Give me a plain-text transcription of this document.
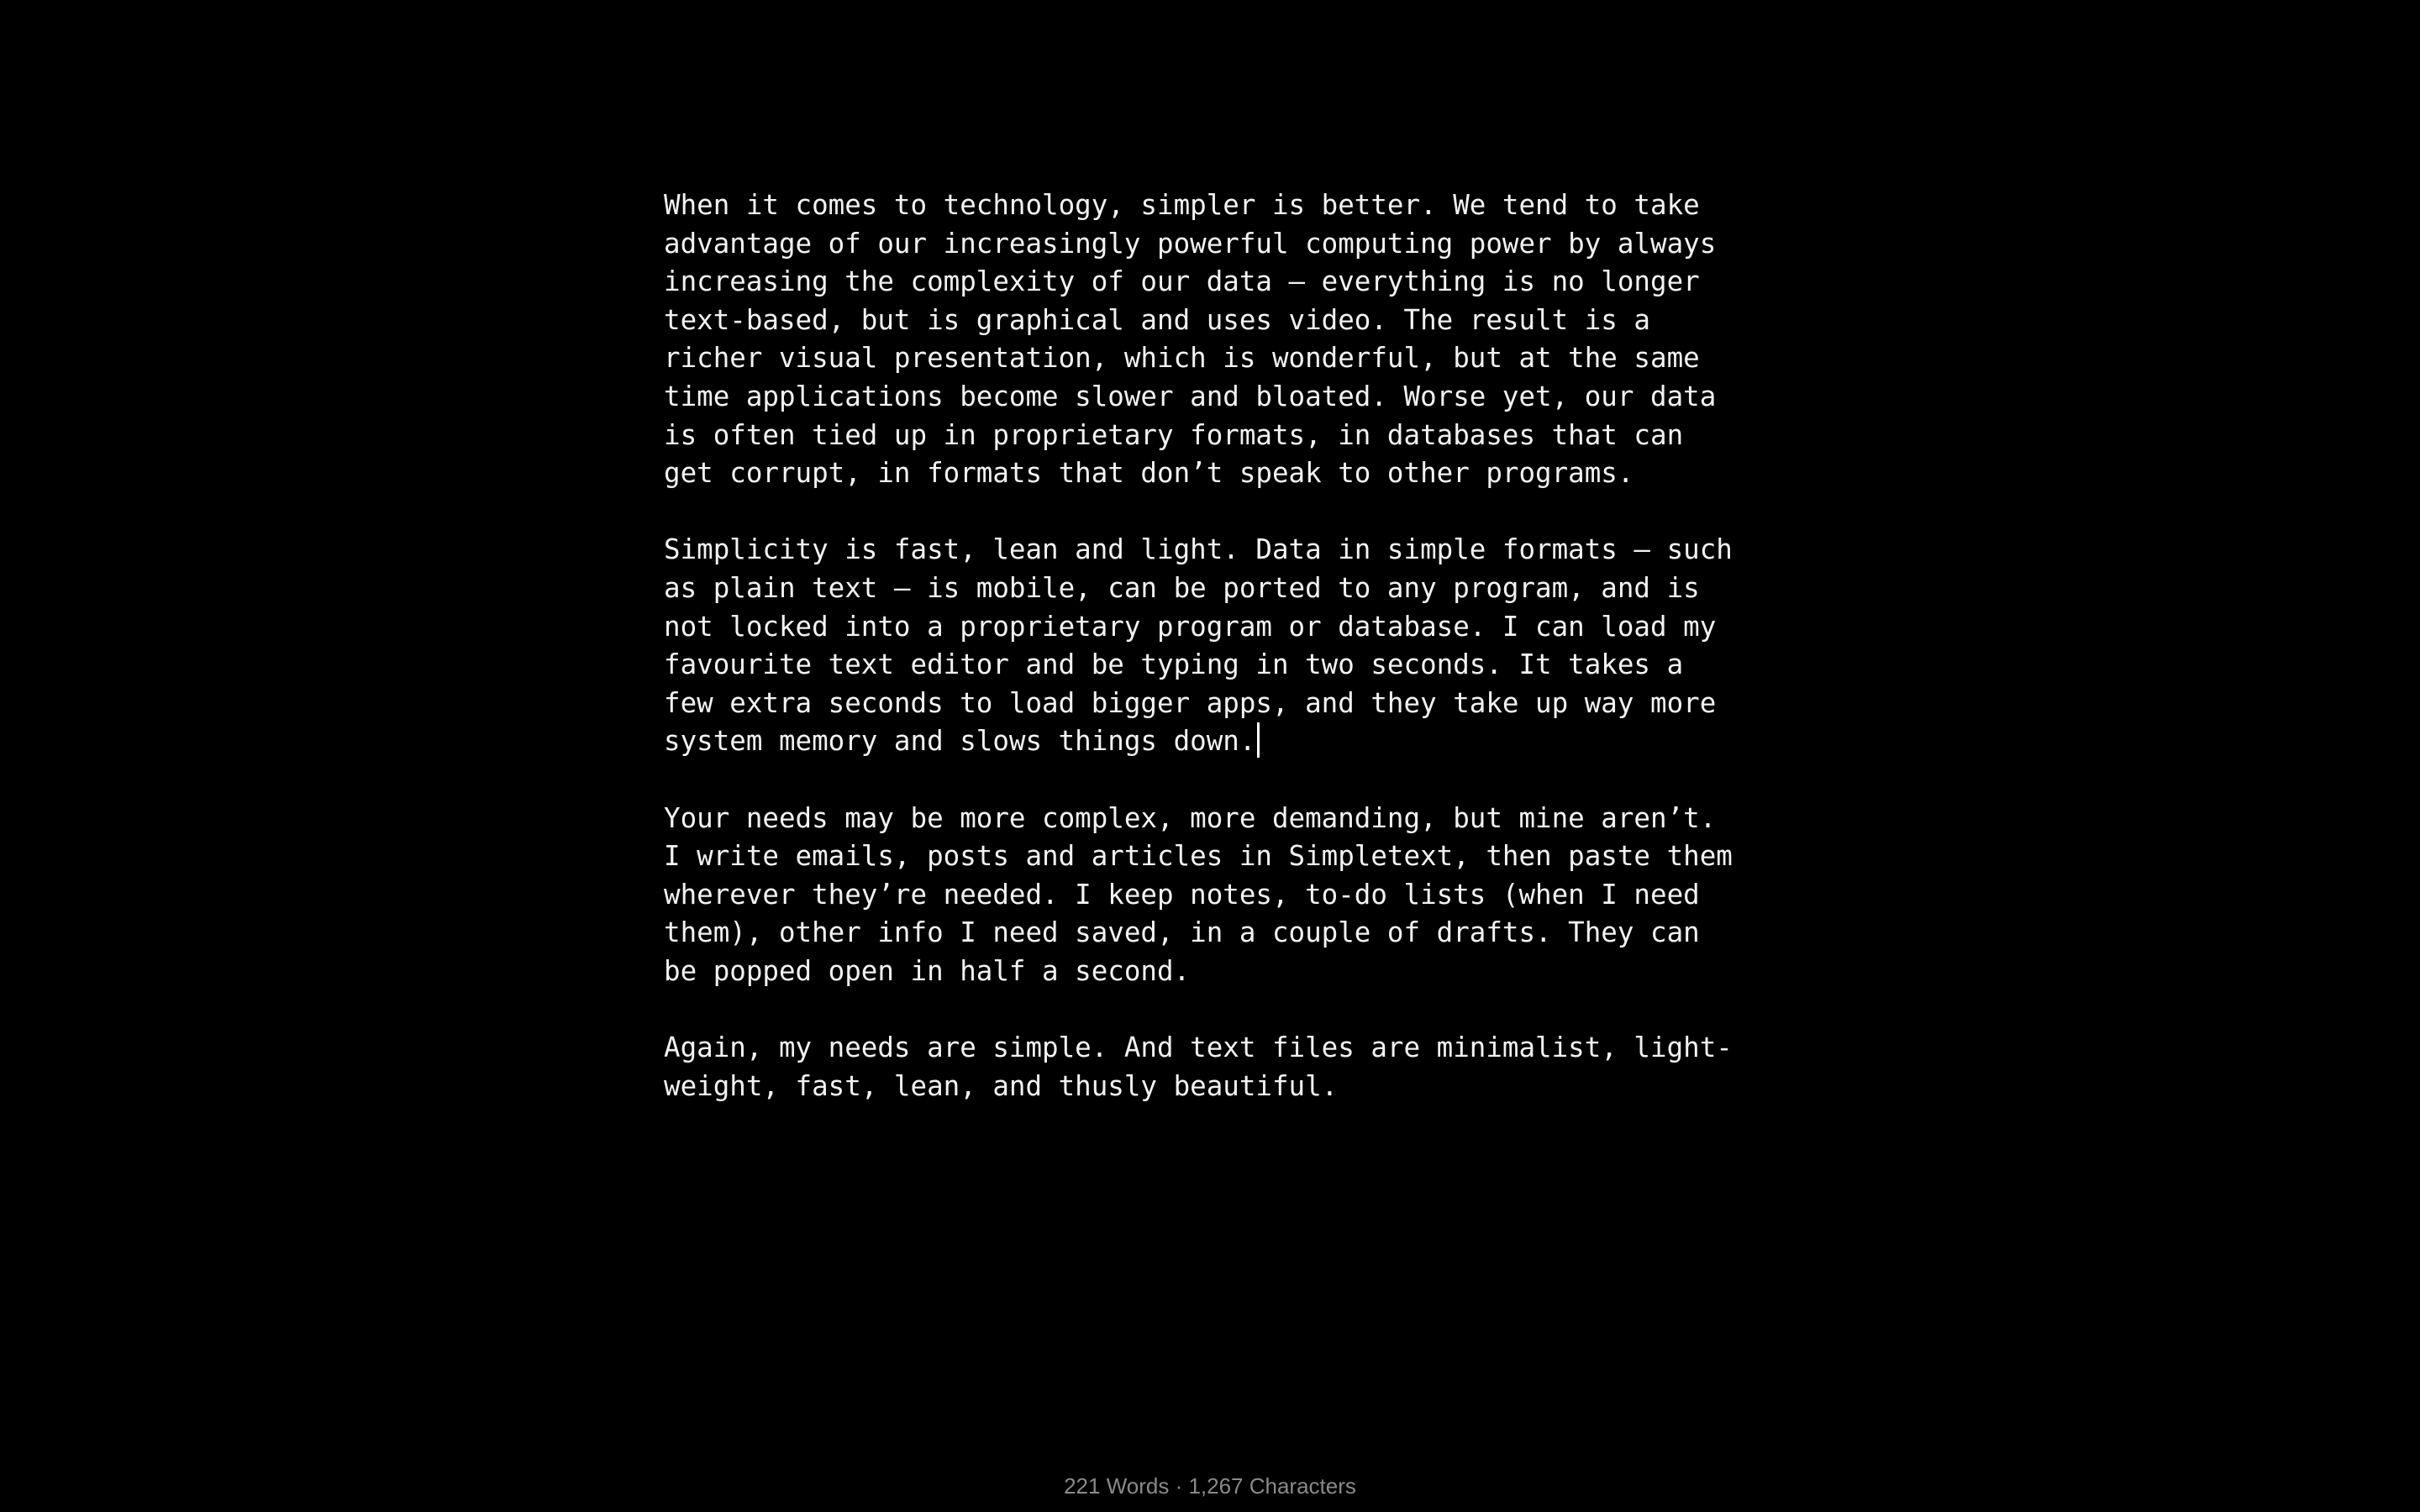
When it comes to technology, simpler is better. We tend to take
advantage of our increasingly powerful computing power by always
increasing the complexity of our data — everything is no longer
text-based, but is graphical and uses video. The result is a
richer visual presentation, which is wonderful, but at the same
time applications become slower and bloated. Worse yet, our data
is often tied up in proprietary formats, in databases that can
get corrupt, in formats that don’t speak to other programs.
Simplicity is fast, lean and light. Data in simple formats — such
as plain text — is mobile, can be ported to any program, and is
not locked into a proprietary program or database. I can load my
favourite text editor and be typing in two seconds. It takes a
few extra seconds to load bigger apps, and they take up way more
system memory and slows things down.
Your needs may be more complex, more demanding, but mine aren’t.
I write emails, posts and articles in Simpletext, then paste them
wherever they’re needed. I keep notes, to-do lists (when I need
them), other info I need saved, in a couple of drafts. They can
be popped open in half a second.
Again, my needs are simple. And text files are minimalist, light-
weight, fast, lean, and thusly beautiful.
221 Words · 1,267 Characters
